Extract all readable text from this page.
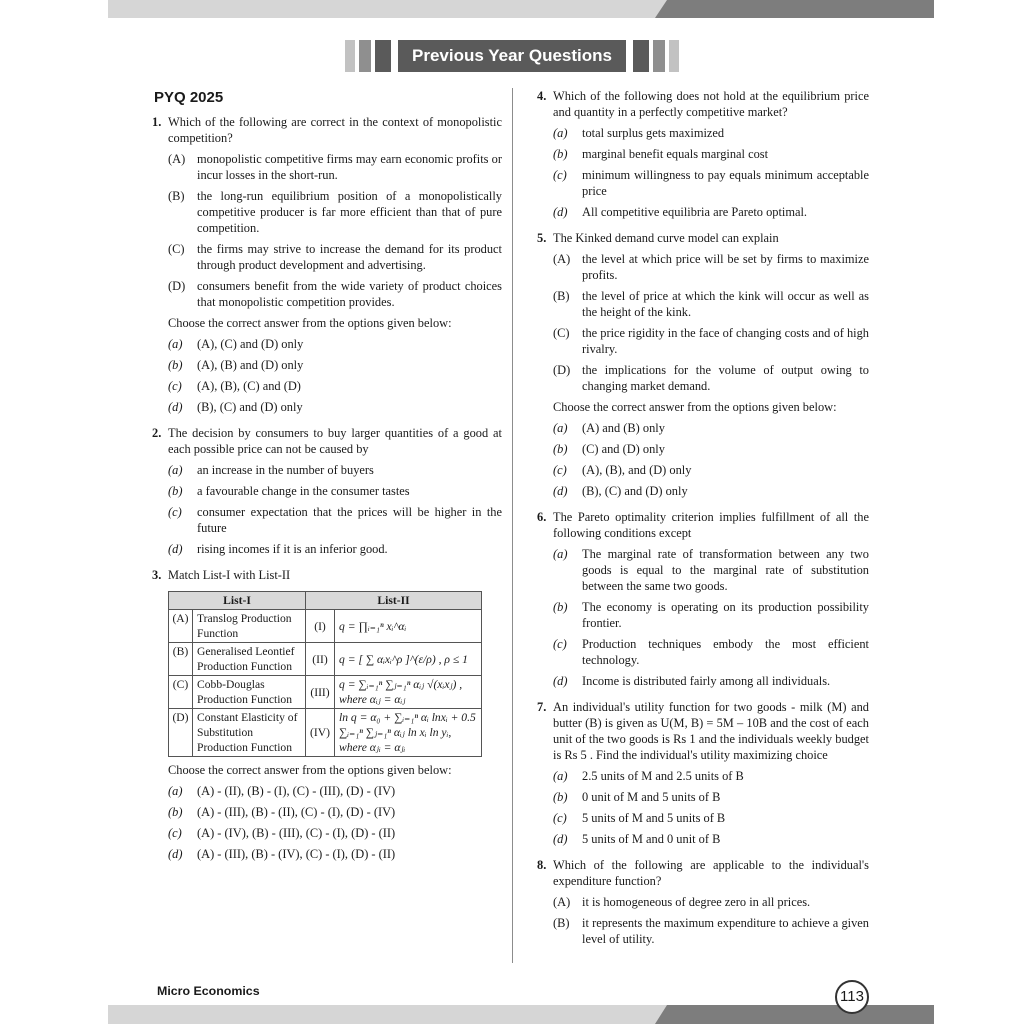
Previous Year Questions
PYQ 2025
1. Which of the following are correct in the context of monopolistic competition?
(A) monopolistic competitive firms may earn economic profits or incur losses in the short-run.
(B) the long-run equilibrium position of a monopolistically competitive producer is far more efficient than that of pure competition.
(C) the firms may strive to increase the demand for its product through product development and advertising.
(D) consumers benefit from the wide variety of product choices that monopolistic competition provides.
Choose the correct answer from the options given below:
(a) (A), (C) and (D) only
(b) (A), (B) and (D) only
(c) (A), (B), (C) and (D)
(d) (B), (C) and (D) only
2. The decision by consumers to buy larger quantities of a good at each possible price can not be caused by
(a) an increase in the number of buyers
(b) a favourable change in the consumer tastes
(c) consumer expectation that the prices will be higher in the future
(d) rising incomes if it is an inferior good.
3. Match List-I with List-II
List-I		List-II	
(A)	Translog Production Function	(I)	q = ∏ᵢ₌₁ⁿ xᵢ^αᵢ
(B)	Generalised Leontief Production Function	(II)	q = [ ∑ αᵢxᵢ^ρ ]^(ε/ρ) , ρ ≤ 1
(C)	Cobb-Douglas Production Function	(III)	q = ∑ᵢ₌₁ⁿ ∑ⱼ₌₁ⁿ αᵢⱼ √(xᵢxⱼ) , where αᵢⱼ = αᵢⱼ
(D)	Constant Elasticity of Substitution Production Function	(IV)	ln q = α₀ + ∑ᵢ₌₁ⁿ αᵢ lnxᵢ + 0.5 ∑ᵢ₌₁ⁿ ∑ⱼ₌₁ⁿ αᵢⱼ ln xᵢ ln yᵢ, where αⱼᵢ = αⱼᵢ
Choose the correct answer from the options given below:
(a) (A) - (II), (B) - (I), (C) - (III), (D) - (IV)
(b) (A) - (III), (B) - (II), (C) - (I), (D) - (IV)
(c) (A) - (IV), (B) - (III), (C) - (I), (D) - (II)
(d) (A) - (III), (B) - (IV), (C) - (I), (D) - (II)
4. Which of the following does not hold at the equilibrium price and quantity in a perfectly competitive market?
(a) total surplus gets maximized
(b) marginal benefit equals marginal cost
(c) minimum willingness to pay equals minimum acceptable price
(d) All competitive equilibria are Pareto optimal.
5. The Kinked demand curve model can explain
(A) the level at which price will be set by firms to maximize profits.
(B) the level of price at which the kink will occur as well as the height of the kink.
(C) the price rigidity in the face of changing costs and of high rivalry.
(D) the implications for the volume of output owing to changing market demand.
Choose the correct answer from the options given below:
(a) (A) and (B) only
(b) (C) and (D) only
(c) (A), (B), and (D) only
(d) (B), (C) and (D) only
6. The Pareto optimality criterion implies fulfillment of all the following conditions except
(a) The marginal rate of transformation between any two goods is equal to the marginal rate of substitution between the same two goods.
(b) The economy is operating on its production possibility frontier.
(c) Production techniques embody the most efficient technology.
(d) Income is distributed fairly among all individuals.
7. An individual's utility function for two goods - milk (M) and butter (B) is given as U(M, B) = 5M – 10B and the cost of each unit of the two goods is Rs 1 and the individuals weekly budget is Rs 5 . Find the individual's utility maximizing choice
(a) 2.5 units of M and 2.5 units of B
(b) 0 unit of M and 5 units of B
(c) 5 units of M and 5 units of B
(d) 5 units of M and 0 unit of B
8. Which of the following are applicable to the individual's expenditure function?
(A) it is homogeneous of degree zero in all prices.
(B) it represents the maximum expenditure to achieve a given level of utility.
Micro Economics	113
